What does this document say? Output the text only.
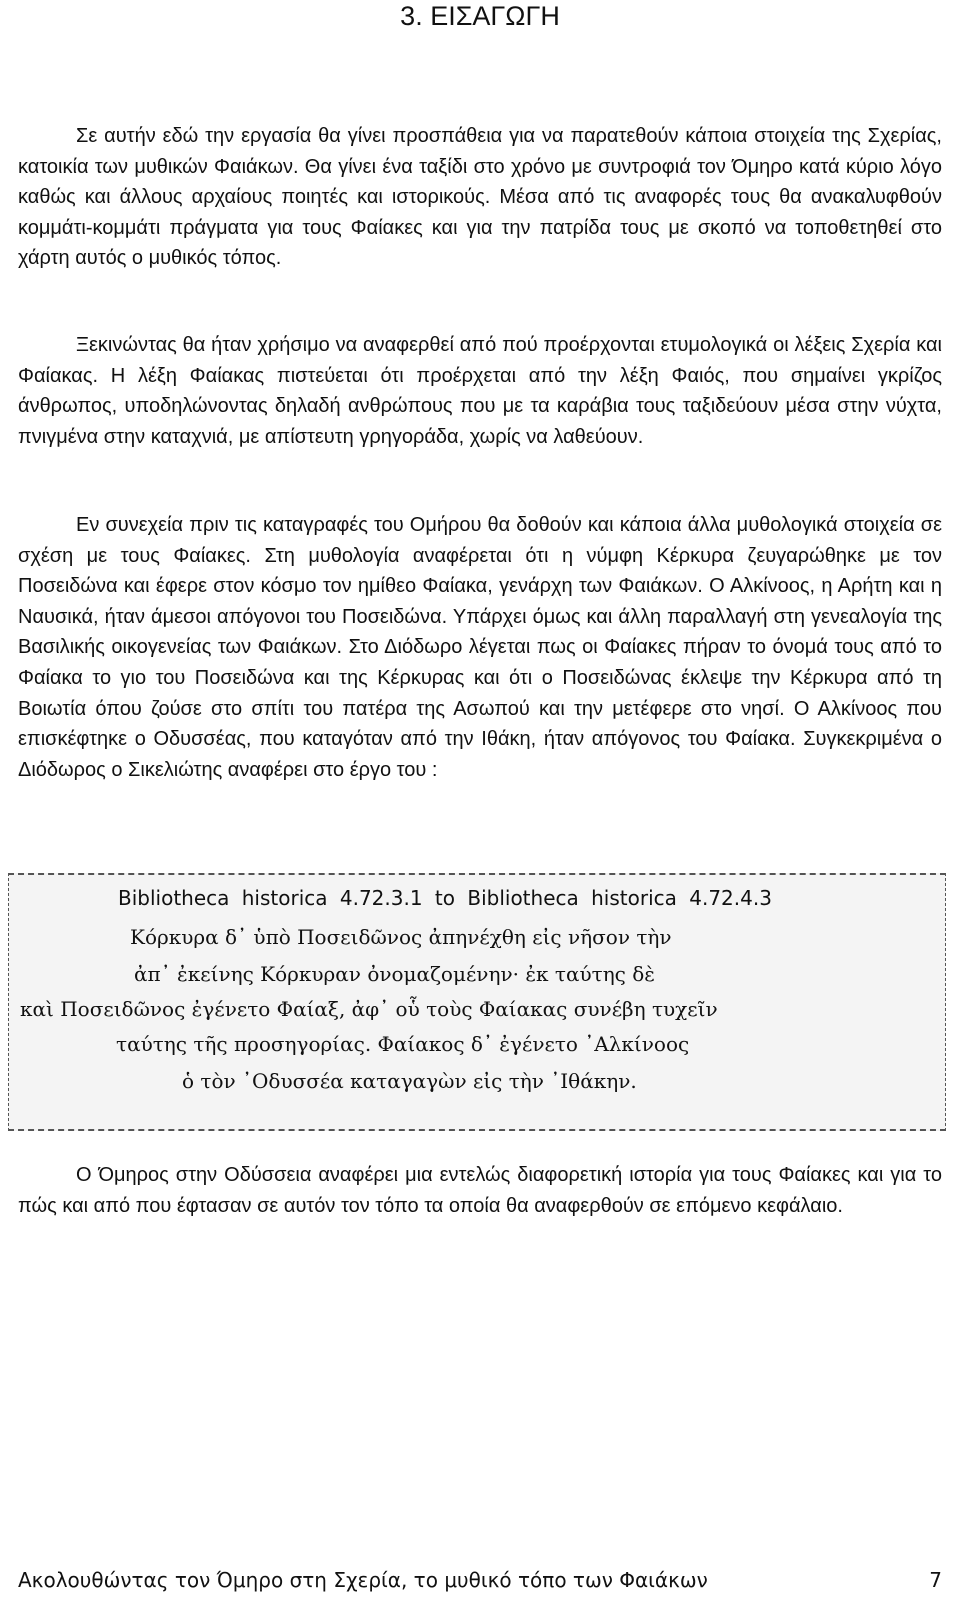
3. ΕΙΣΑΓΩΓΗ

Σε αυτήν εδώ την εργασία θα γίνει προσπάθεια για να παρατεθούν κάποια στοιχεία της Σχερίας, κατοικία των μυθικών Φαιάκων. Θα γίνει ένα ταξίδι στο χρόνο με συντροφιά τον Όμηρο κατά κύριο λόγο καθώς και άλλους αρχαίους ποιητές και ιστορικούς. Μέσα από τις αναφορές τους θα ανακαλυφθούν κομμάτι-κομμάτι πράγματα για τους Φαίακες και για την πατρίδα τους με σκοπό να τοποθετηθεί στο χάρτη αυτός ο μυθικός τόπος.

Ξεκινώντας θα ήταν χρήσιμο να αναφερθεί από πού προέρχονται ετυμολογικά οι λέξεις Σχερία και Φαίακας. Η λέξη Φαίακας πιστεύεται ότι προέρχεται από την λέξη Φαιός, που σημαίνει γκρίζος άνθρωπος, υποδηλώνοντας δηλαδή ανθρώπους που με τα καράβια τους ταξιδεύουν μέσα στην νύχτα, πνιγμένα στην καταχνιά, με απίστευτη γρηγοράδα, χωρίς να λαθεύουν.

Εν συνεχεία πριν τις καταγραφές του Ομήρου θα δοθούν και κάποια άλλα μυθολογικά στοιχεία σε σχέση με τους Φαίακες. Στη μυθολογία αναφέρεται ότι η νύμφη Κέρκυρα ζευγαρώθηκε με τον Ποσειδώνα και έφερε στον κόσμο τον ημίθεο Φαίακα, γενάρχη των Φαιάκων. Ο Αλκίνοος, η Αρήτη και η Ναυσικά, ήταν άμεσοι απόγονοι του Ποσειδώνα. Υπάρχει όμως και άλλη παραλλαγή στη γενεαλογία της Βασιλικής οικογενείας των Φαιάκων. Στο Διόδωρο λέγεται πως οι Φαίακες πήραν το όνομά τους από το Φαίακα το γιο του Ποσειδώνα και της Κέρκυρας και ότι ο Ποσειδώνας έκλεψε την Κέρκυρα από τη Βοιωτία όπου ζούσε στο σπίτι του πατέρα της Ασωπού και την μετέφερε στο νησί. Ο Αλκίνοος που επισκέφτηκε ο Οδυσσέας, που καταγόταν από την Ιθάκη, ήταν απόγονος του Φαίακα. Συγκεκριμένα ο Διόδωρος ο Σικελιώτης αναφέρει στο έργο του :

Bibliotheca historica 4.72.3.1 to Bibliotheca historica 4.72.4.3
Κόρκυρα δ᾽ ὑπὸ Ποσειδῶνος ἀπηνέχθη εἰς νῆσον τὴν
ἀπ᾽ ἐκείνης Κόρκυραν ὀνομαζομένην· ἐκ ταύτης δὲ
καὶ Ποσειδῶνος ἐγένετο Φαίαξ, ἀφ᾽ οὗ τοὺς Φαίακας συνέβη τυχεῖν
ταύτης τῆς προσηγορίας. Φαίακος δ᾽ ἐγένετο ᾿Αλκίνοος
ὁ τὸν ᾿Οδυσσέα καταγαγὼν εἰς τὴν ᾿Ιθάκην.

Ο Όμηρος στην Οδύσσεια αναφέρει μια εντελώς διαφορετική ιστορία για τους Φαίακες και για το πώς και από που έφτασαν σε αυτόν τον τόπο τα οποία θα αναφερθούν σε επόμενο κεφάλαιο.

Ακολουθώντας τον Όμηρο στη Σχερία, το μυθικό τόπο των Φαιάκων	7
